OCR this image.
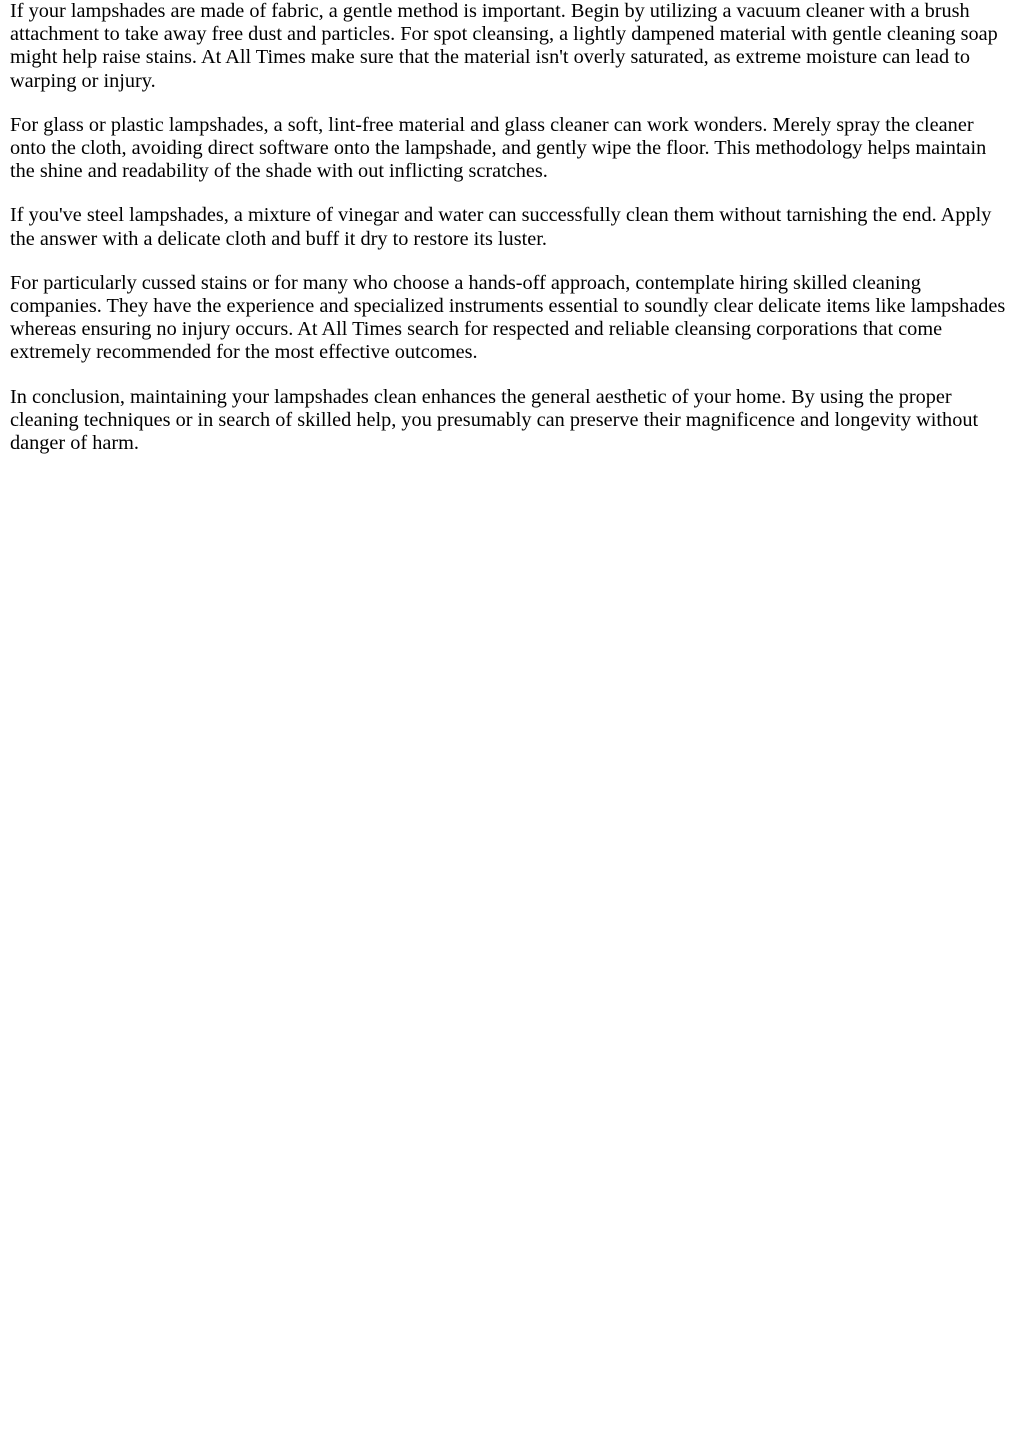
If your lampshades are made of fabric, a gentle method is important. Begin by utilizing a vacuum cleaner with a brush attachment to take away free dust and particles. For spot cleansing, a lightly dampened material with gentle cleaning soap might help raise stains. At All Times make sure that the material isn't overly saturated, as extreme moisture can lead to warping or injury.

For glass or plastic lampshades, a soft, lint-free material and glass cleaner can work wonders. Merely spray the cleaner onto the cloth, avoiding direct software onto the lampshade, and gently wipe the floor. This methodology helps maintain the shine and readability of the shade with out inflicting scratches.

If you've steel lampshades, a mixture of vinegar and water can successfully clean them without tarnishing the end. Apply the answer with a delicate cloth and buff it dry to restore its luster.

For particularly cussed stains or for many who choose a hands-off approach, contemplate hiring skilled cleaning companies. They have the experience and specialized instruments essential to soundly clear delicate items like lampshades whereas ensuring no injury occurs. At All Times search for respected and reliable cleansing corporations that come extremely recommended for the most effective outcomes.

In conclusion, maintaining your lampshades clean enhances the general aesthetic of your home. By using the proper cleaning techniques or in search of skilled help, you presumably can preserve their magnificence and longevity without danger of harm.
